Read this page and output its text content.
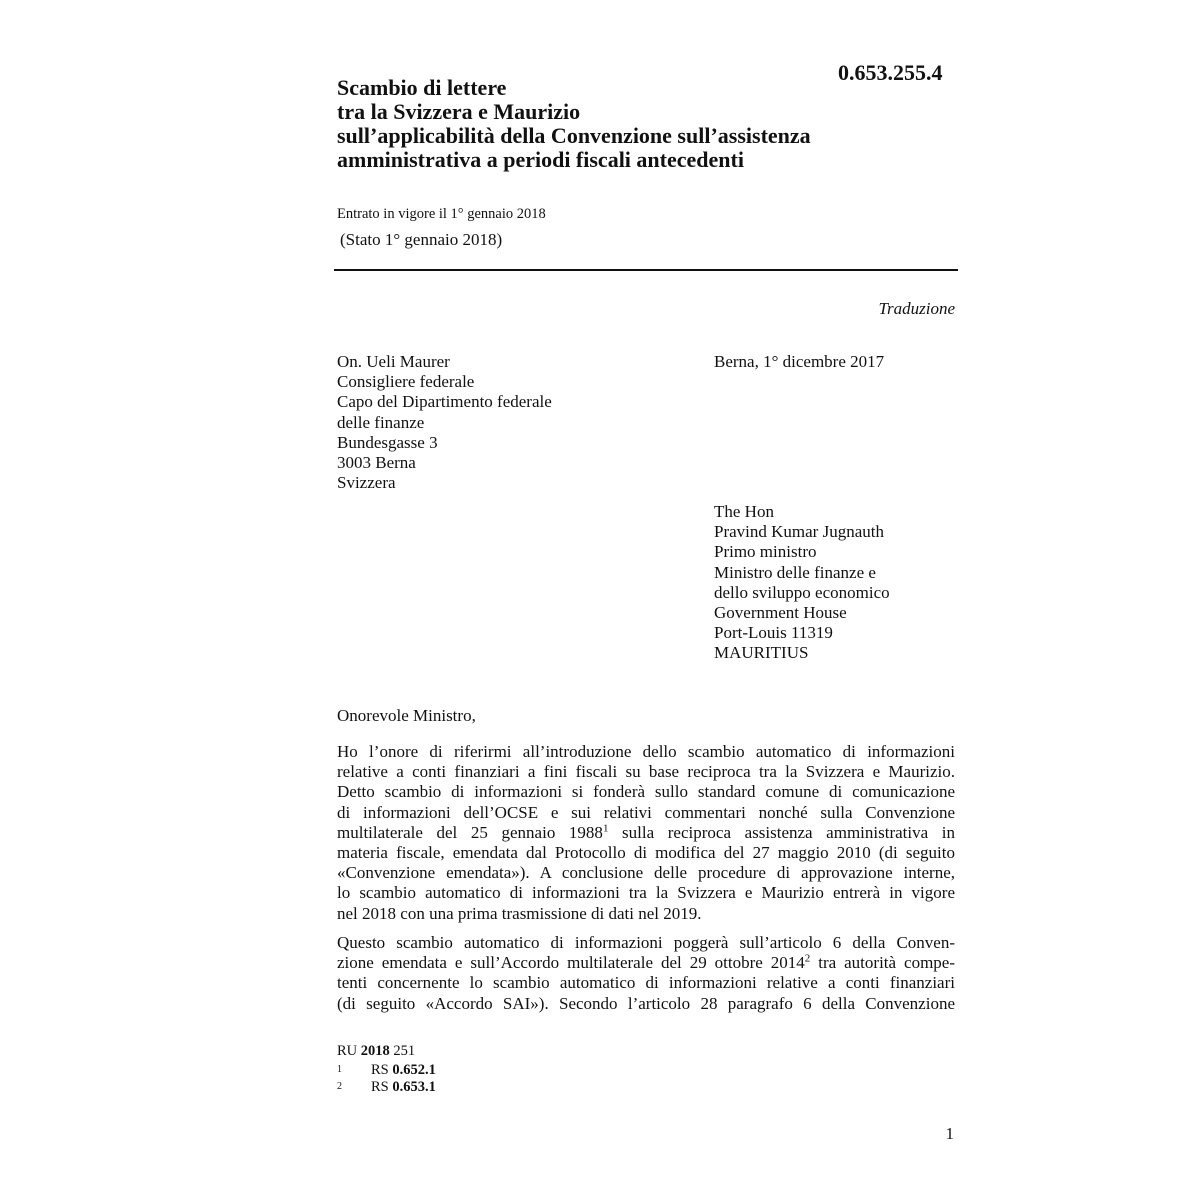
0.653.255.4
Scambio di lettere
tra la Svizzera e Maurizio
sull’applicabilità della Convenzione sull’assistenza
amministrativa a periodi fiscali antecedenti
Entrato in vigore il 1° gennaio 2018
(Stato 1° gennaio 2018)
Traduzione
On. Ueli Maurer
Consigliere federale
Capo del Dipartimento federale
delle finanze
Bundesgasse 3
3003 Berna
Svizzera
Berna, 1° dicembre 2017
The Hon
Pravind Kumar Jugnauth
Primo ministro
Ministro delle finanze e
dello sviluppo economico
Government House
Port-Louis 11319
MAURITIUS
Onorevole Ministro,
Ho l’onore di riferirmi all’introduzione dello scambio automatico di informazioni
relative a conti finanziari a fini fiscali su base reciproca tra la Svizzera e Maurizio.
Detto scambio di informazioni si fonderà sullo standard comune di comunicazione
di informazioni dell’OCSE e sui relativi commentari nonché sulla Convenzione
multilaterale del 25 gennaio 1988$^1$ sulla reciproca assistenza amministrativa in
materia fiscale, emendata dal Protocollo di modifica del 27 maggio 2010 (di seguito
«Convenzione emendata»). A conclusione delle procedure di approvazione interne,
lo scambio automatico di informazioni tra la Svizzera e Maurizio entrerà in vigore
nel 2018 con una prima trasmissione di dati nel 2019.
Questo scambio automatico di informazioni poggerà sull’articolo 6 della Conven-
zione emendata e sull’Accordo multilaterale del 29 ottobre 2014$^2$ tra autorità compe-
tenti concernente lo scambio automatico di informazioni relative a conti finanziari
(di seguito «Accordo SAI»). Secondo l’articolo 28 paragrafo 6 della Convenzione
RU 2018 251
1 RS 0.652.1
2 RS 0.653.1
1
